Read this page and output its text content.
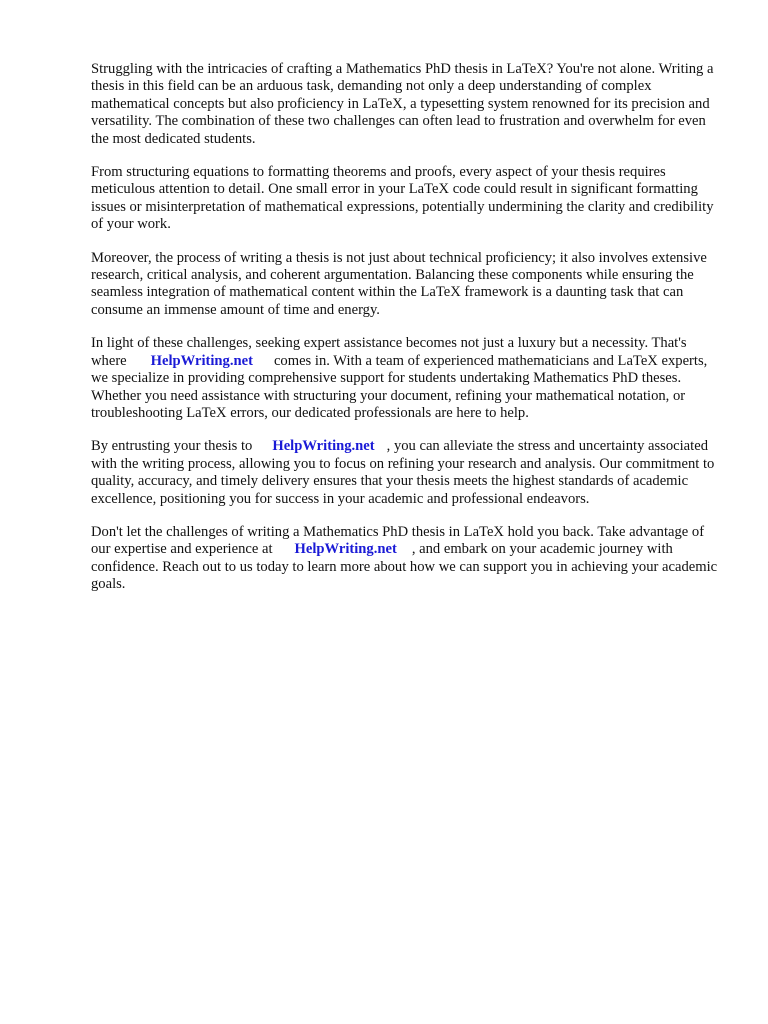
Struggling with the intricacies of crafting a Mathematics PhD thesis in LaTeX? You're not alone. Writing a thesis in this field can be an arduous task, demanding not only a deep understanding of complex mathematical concepts but also proficiency in LaTeX, a typesetting system renowned for its precision and versatility. The combination of these two challenges can often lead to frustration and overwhelm for even the most dedicated students.

From structuring equations to formatting theorems and proofs, every aspect of your thesis requires meticulous attention to detail. One small error in your LaTeX code could result in significant formatting issues or misinterpretation of mathematical expressions, potentially undermining the clarity and credibility of your work.

Moreover, the process of writing a thesis is not just about technical proficiency; it also involves extensive research, critical analysis, and coherent argumentation. Balancing these components while ensuring the seamless integration of mathematical content within the LaTeX framework is a daunting task that can consume an immense amount of time and energy.

In light of these challenges, seeking expert assistance becomes not just a luxury but a necessity. That's where HelpWriting.net comes in. With a team of experienced mathematicians and LaTeX experts, we specialize in providing comprehensive support for students undertaking Mathematics PhD theses. Whether you need assistance with structuring your document, refining your mathematical notation, or troubleshooting LaTeX errors, our dedicated professionals are here to help.

By entrusting your thesis to HelpWriting.net , you can alleviate the stress and uncertainty associated with the writing process, allowing you to focus on refining your research and analysis. Our commitment to quality, accuracy, and timely delivery ensures that your thesis meets the highest standards of academic excellence, positioning you for success in your academic and professional endeavors.

Don't let the challenges of writing a Mathematics PhD thesis in LaTeX hold you back. Take advantage of our expertise and experience at HelpWriting.net , and embark on your academic journey with confidence. Reach out to us today to learn more about how we can support you in achieving your academic goals.
